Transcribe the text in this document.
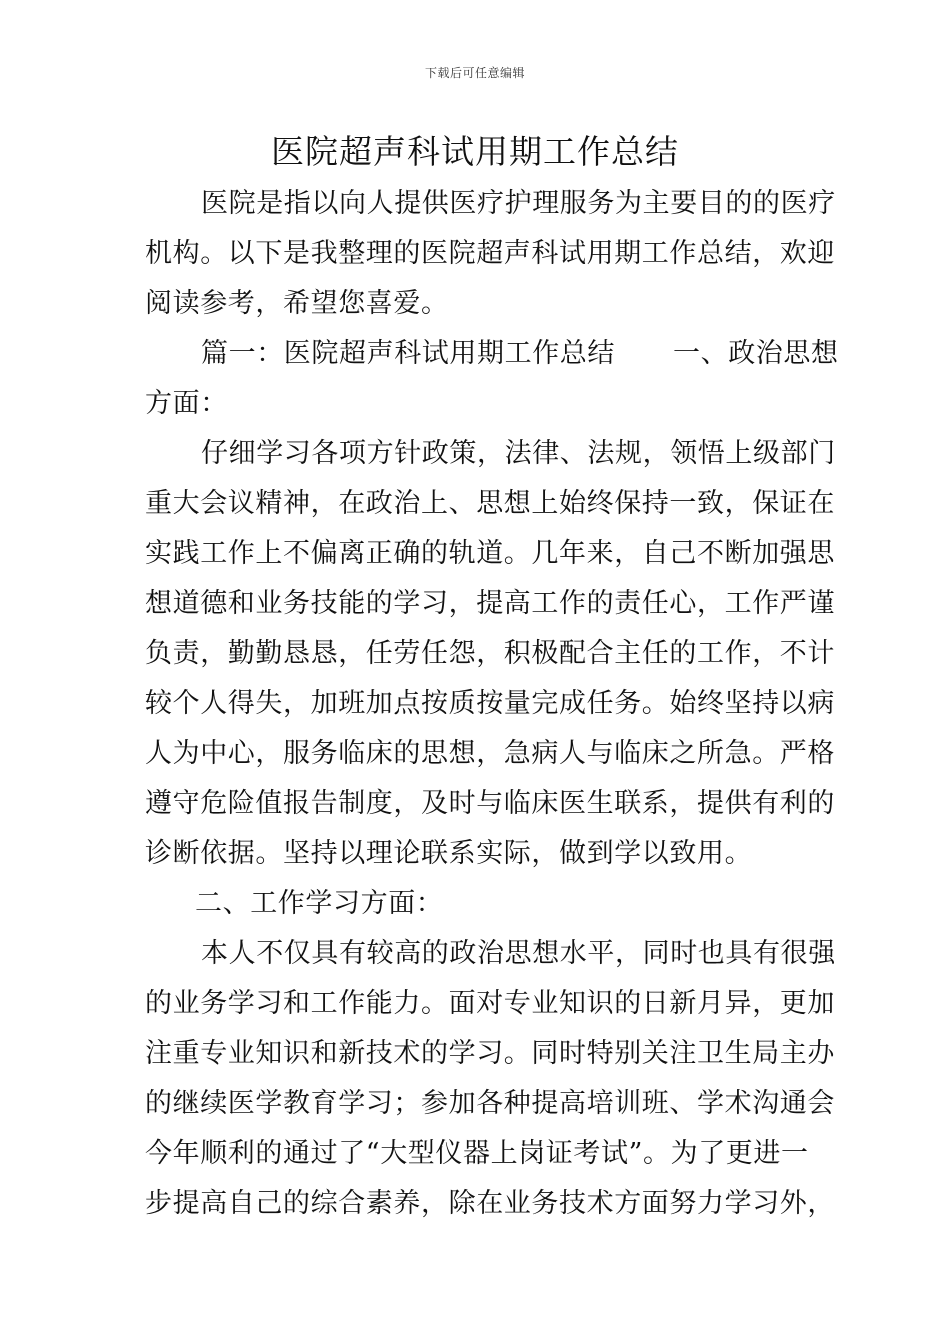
下载后可任意编辑
医院超声科试用期工作总结

医院是指以向人提供医疗护理服务为主要目的的医疗

机构。以下是我整理的医院超声科试用期工作总结，欢迎

阅读参考，希望您喜爱。

篇一：医院超声科试用期工作总结 一、政治思想

方面：

仔细学习各项方针政策，法律、法规，领悟上级部门

重大会议精神，在政治上、思想上始终保持一致，保证在

实践工作上不偏离正确的轨道。几年来，自己不断加强思

想道德和业务技能的学习，提高工作的责任心，工作严谨

负责，勤勤恳恳，任劳任怨，积极配合主任的工作，不计

较个人得失，加班加点按质按量完成任务。始终坚持以病

人为中心，服务临床的思想，急病人与临床之所急。严格

遵守危险值报告制度，及时与临床医生联系，提供有利的

诊断依据。坚持以理论联系实际，做到学以致用。

二、工作学习方面：

本人不仅具有较高的政治思想水平，同时也具有很强

的业务学习和工作能力。面对专业知识的日新月异，更加

注重专业知识和新技术的学习。同时特别关注卫生局主办

的继续医学教育学习；参加各种提高培训班、学术沟通会

今年顺利的通过了“大型仪器上岗证考试”。为了更进一

步提高自己的综合素养，除在业务技术方面努力学习外，
